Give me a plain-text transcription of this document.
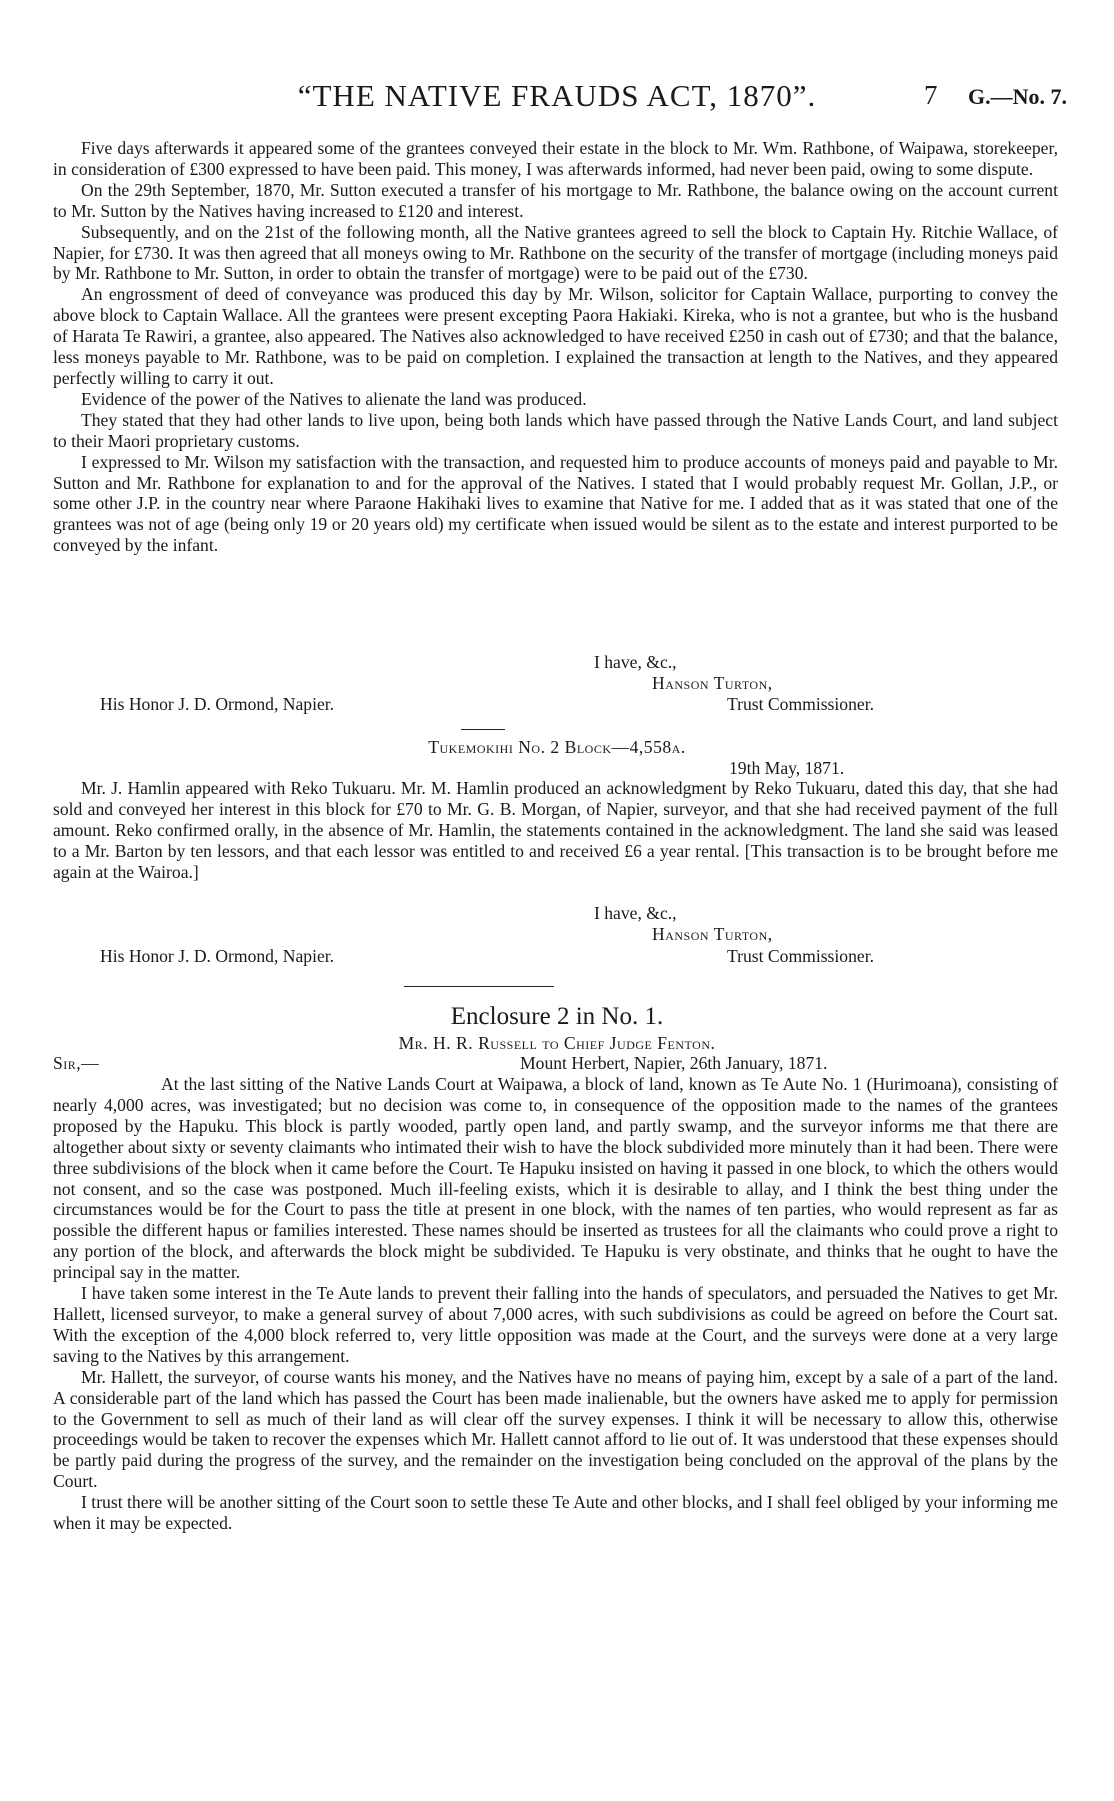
“THE NATIVE FRAUDS ACT, 1870”.	7 G.—No. 7.

Five days afterwards it appeared some of the grantees conveyed their estate in the block to Mr. Wm. Rathbone, of Waipawa, storekeeper, in consideration of £300 expressed to have been paid. This money, I was afterwards informed, had never been paid, owing to some dispute.

On the 29th September, 1870, Mr. Sutton executed a transfer of his mortgage to Mr. Rathbone, the balance owing on the account current to Mr. Sutton by the Natives having increased to £120 and interest.

Subsequently, and on the 21st of the following month, all the Native grantees agreed to sell the block to Captain Hy. Ritchie Wallace, of Napier, for £730. It was then agreed that all moneys owing to Mr. Rathbone on the security of the transfer of mortgage (including moneys paid by Mr. Rathbone to Mr. Sutton, in order to obtain the transfer of mortgage) were to be paid out of the £730.

An engrossment of deed of conveyance was produced this day by Mr. Wilson, solicitor for Captain Wallace, purporting to convey the above block to Captain Wallace. All the grantees were present excepting Paora Hakiaki. Kireka, who is not a grantee, but who is the husband of Harata Te Rawiri, a grantee, also appeared. The Natives also acknowledged to have received £250 in cash out of £730; and that the balance, less moneys payable to Mr. Rathbone, was to be paid on completion. I explained the transaction at length to the Natives, and they appeared perfectly willing to carry it out.

Evidence of the power of the Natives to alienate the land was produced.

They stated that they had other lands to live upon, being both lands which have passed through the Native Lands Court, and land subject to their Maori proprietary customs.

I expressed to Mr. Wilson my satisfaction with the transaction, and requested him to produce accounts of moneys paid and payable to Mr. Sutton and Mr. Rathbone for explanation to and for the approval of the Natives. I stated that I would probably request Mr. Gollan, J.P., or some other J.P. in the country near where Paraone Hakihaki lives to examine that Native for me. I added that as it was stated that one of the grantees was not of age (being only 19 or 20 years old) my certificate when issued would be silent as to the estate and interest purported to be conveyed by the infant.

I have, &c.,
Hanson Turton,
His Honor J. D. Ormond, Napier.	Trust Commissioner.
Tukemokihi No. 2 Block—4,558a.
19th May, 1871.

Mr. J. Hamlin appeared with Reko Tukuaru. Mr. M. Hamlin produced an acknowledgment by Reko Tukuaru, dated this day, that she had sold and conveyed her interest in this block for £70 to Mr. G. B. Morgan, of Napier, surveyor, and that she had received payment of the full amount. Reko confirmed orally, in the absence of Mr. Hamlin, the statements contained in the acknowledgment. The land she said was leased to a Mr. Barton by ten lessors, and that each lessor was entitled to and received £6 a year rental. [This transaction is to be brought before me again at the Wairoa.]

I have, &c.,
Hanson Turton,
His Honor J. D. Ormond, Napier.	Trust Commissioner.
Enclosure 2 in No. 1.
Mr. H. R. Russell to Chief Judge Fenton.
Sir,—	Mount Herbert, Napier, 26th January, 1871.

At the last sitting of the Native Lands Court at Waipawa, a block of land, known as Te Aute No. 1 (Hurimoana), consisting of nearly 4,000 acres, was investigated; but no decision was come to, in consequence of the opposition made to the names of the grantees proposed by the Hapuku. This block is partly wooded, partly open land, and partly swamp, and the surveyor informs me that there are altogether about sixty or seventy claimants who intimated their wish to have the block subdivided more minutely than it had been. There were three subdivisions of the block when it came before the Court. Te Hapuku insisted on having it passed in one block, to which the others would not consent, and so the case was postponed. Much ill-feeling exists, which it is desirable to allay, and I think the best thing under the circumstances would be for the Court to pass the title at present in one block, with the names of ten parties, who would represent as far as possible the different hapus or families interested. These names should be inserted as trustees for all the claimants who could prove a right to any portion of the block, and afterwards the block might be subdivided. Te Hapuku is very obstinate, and thinks that he ought to have the principal say in the matter.

I have taken some interest in the Te Aute lands to prevent their falling into the hands of speculators, and persuaded the Natives to get Mr. Hallett, licensed surveyor, to make a general survey of about 7,000 acres, with such subdivisions as could be agreed on before the Court sat. With the exception of the 4,000 block referred to, very little opposition was made at the Court, and the surveys were done at a very large saving to the Natives by this arrangement.

Mr. Hallett, the surveyor, of course wants his money, and the Natives have no means of paying him, except by a sale of a part of the land. A considerable part of the land which has passed the Court has been made inalienable, but the owners have asked me to apply for permission to the Government to sell as much of their land as will clear off the survey expenses. I think it will be necessary to allow this, otherwise proceedings would be taken to recover the expenses which Mr. Hallett cannot afford to lie out of. It was understood that these expenses should be partly paid during the progress of the survey, and the remainder on the investigation being concluded on the approval of the plans by the Court.

I trust there will be another sitting of the Court soon to settle these Te Aute and other blocks, and I shall feel obliged by your informing me when it may be expected.
